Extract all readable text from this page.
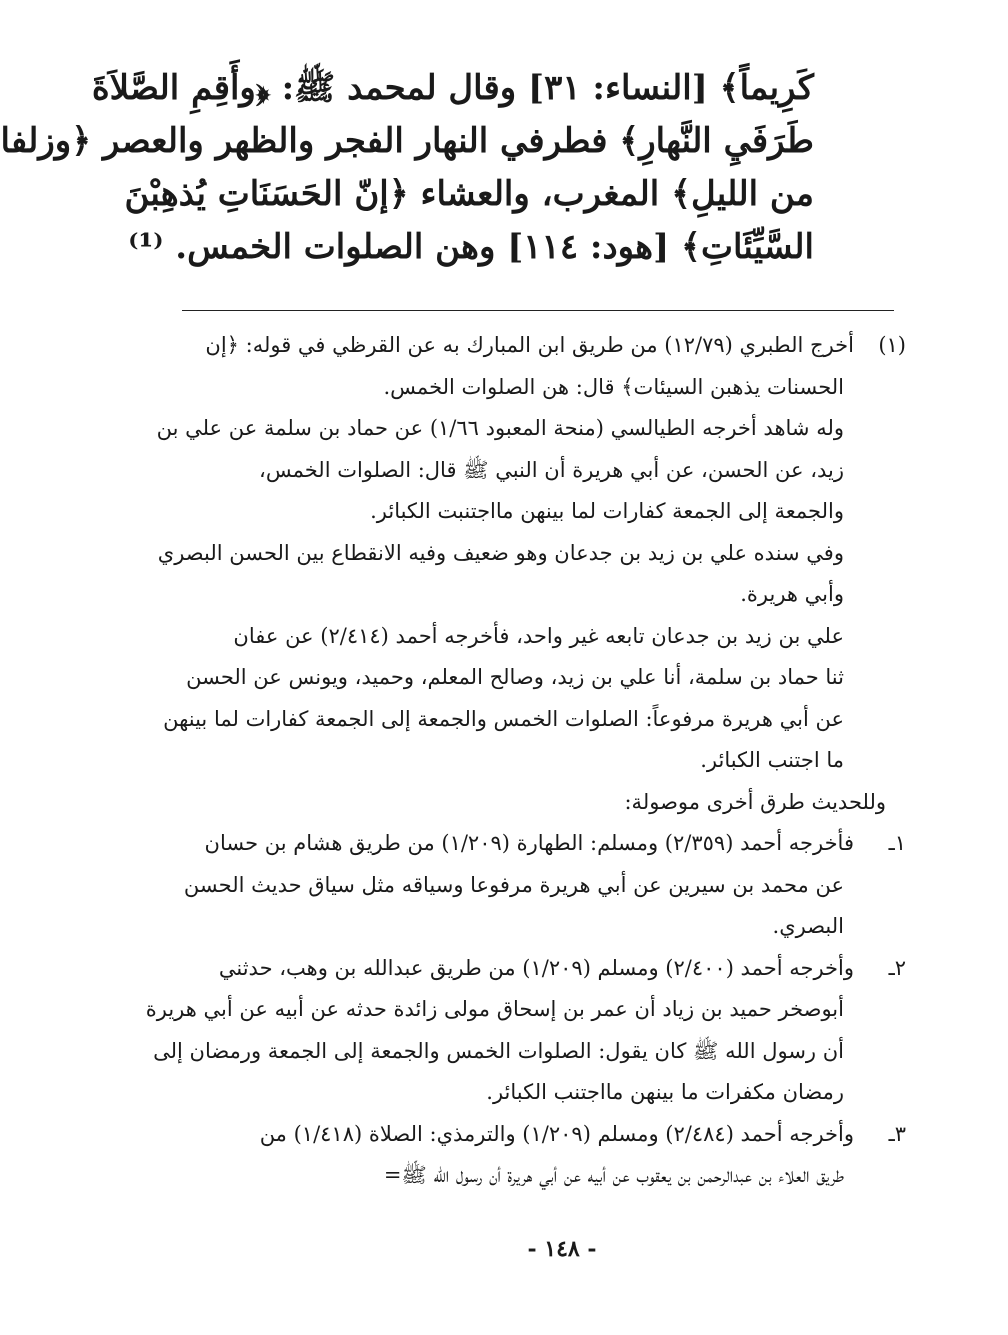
كَرِيماً﴾ [النساء: ٣١] وقال لمحمد ﷺ: ﴿وأَقِمِ الصَّلاَةَ
طَرَفَيِ النَّهارِ﴾ فطرفي النهار الفجر والظهر والعصر ﴿وزلفا
من الليلِ﴾ المغرب، والعشاء ﴿إنّ الحَسَنَاتِ يُذهِبْنَ
السَّيِّئَاتِ﴾ [هود: ١١٤] وهن الصلوات الخمس. ⁽¹⁾
(١)أخرج الطبري (١٢/٧٩) من طريق ابن المبارك به عن القرظي في قوله: ﴿إن
الحسنات يذهبن السيئات﴾ قال: هن الصلوات الخمس.
وله شاهد أخرجه الطيالسي (منحة المعبود ١/٦٦) عن حماد بن سلمة عن علي بن
زيد، عن الحسن، عن أبي هريرة أن النبي ﷺ قال: الصلوات الخمس،
والجمعة إلى الجمعة كفارات لما بينهن مااجتنبت الكبائر.
وفي سنده علي بن زيد بن جدعان وهو ضعيف وفيه الانقطاع بين الحسن البصري
وأبي هريرة.
علي بن زيد بن جدعان تابعه غير واحد، فأخرجه أحمد (٢/٤١٤) عن عفان
ثنا حماد بن سلمة، أنا علي بن زيد، وصالح المعلم، وحميد، ويونس عن الحسن
عن أبي هريرة مرفوعاً: الصلوات الخمس والجمعة إلى الجمعة كفارات لما بينهن
ما اجتنب الكبائر.
وللحديث طرق أخرى موصولة:
١ـفأخرجه أحمد (٢/٣٥٩) ومسلم: الطهارة (١/٢٠٩) من طريق هشام بن حسان
عن محمد بن سيرين عن أبي هريرة مرفوعا وسياقه مثل سياق حديث الحسن
البصري.
٢ـوأخرجه أحمد (٢/٤٠٠) ومسلم (١/٢٠٩) من طريق عبدالله بن وهب، حدثني
أبوصخر حميد بن زياد أن عمر بن إسحاق مولى زائدة حدثه عن أبيه عن أبي هريرة
أن رسول الله ﷺ كان يقول: الصلوات الخمس والجمعة إلى الجمعة ورمضان إلى
رمضان مكفرات ما بينهن مااجتنب الكبائر.
٣ـوأخرجه أحمد (٢/٤٨٤) ومسلم (١/٢٠٩) والترمذي: الصلاة (١/٤١٨) من
طريق العلاء بن عبدالرحمن بن يعقوب عن أبيه عن أبي هريرة أن رسول الله ﷺ=
- ١٤٨ -
